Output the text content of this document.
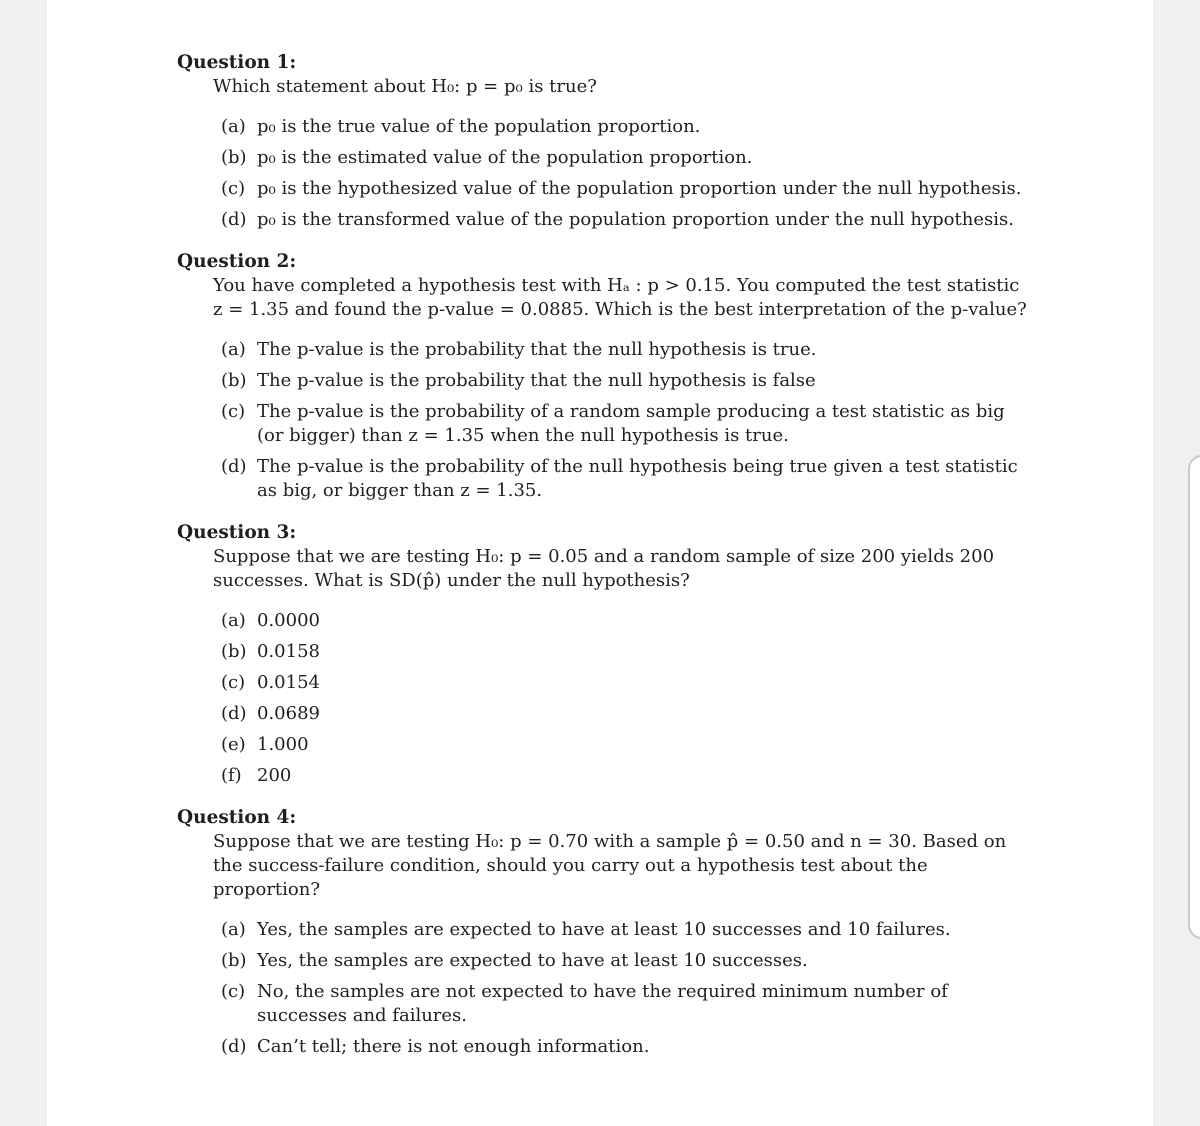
Question 1:

Which statement about H₀: p = p₀ is true?

(a) p₀ is the true value of the population proportion.
(b) p₀ is the estimated value of the population proportion.
(c) p₀ is the hypothesized value of the population proportion under the null hypothesis.
(d) p₀ is the transformed value of the population proportion under the null hypothesis.

Question 2:

You have completed a hypothesis test with Hₐ : p > 0.15. You computed the test statistic z = 1.35 and found the p-value = 0.0885. Which is the best interpretation of the p-value?

(a) The p-value is the probability that the null hypothesis is true.
(b) The p-value is the probability that the null hypothesis is false
(c) The p-value is the probability of a random sample producing a test statistic as big (or bigger) than z = 1.35 when the null hypothesis is true.
(d) The p-value is the probability of the null hypothesis being true given a test statistic as big, or bigger than z = 1.35.

Question 3:

Suppose that we are testing H₀: p = 0.05 and a random sample of size 200 yields 200 successes. What is SD(p̂) under the null hypothesis?

(a) 0.0000
(b) 0.0158
(c) 0.0154
(d) 0.0689
(e) 1.000
(f) 200

Question 4:

Suppose that we are testing H₀: p = 0.70 with a sample p̂ = 0.50 and n = 30. Based on the success-failure condition, should you carry out a hypothesis test about the proportion?

(a) Yes, the samples are expected to have at least 10 successes and 10 failures.
(b) Yes, the samples are expected to have at least 10 successes.
(c) No, the samples are not expected to have the required minimum number of successes and failures.
(d) Can’t tell; there is not enough information.
